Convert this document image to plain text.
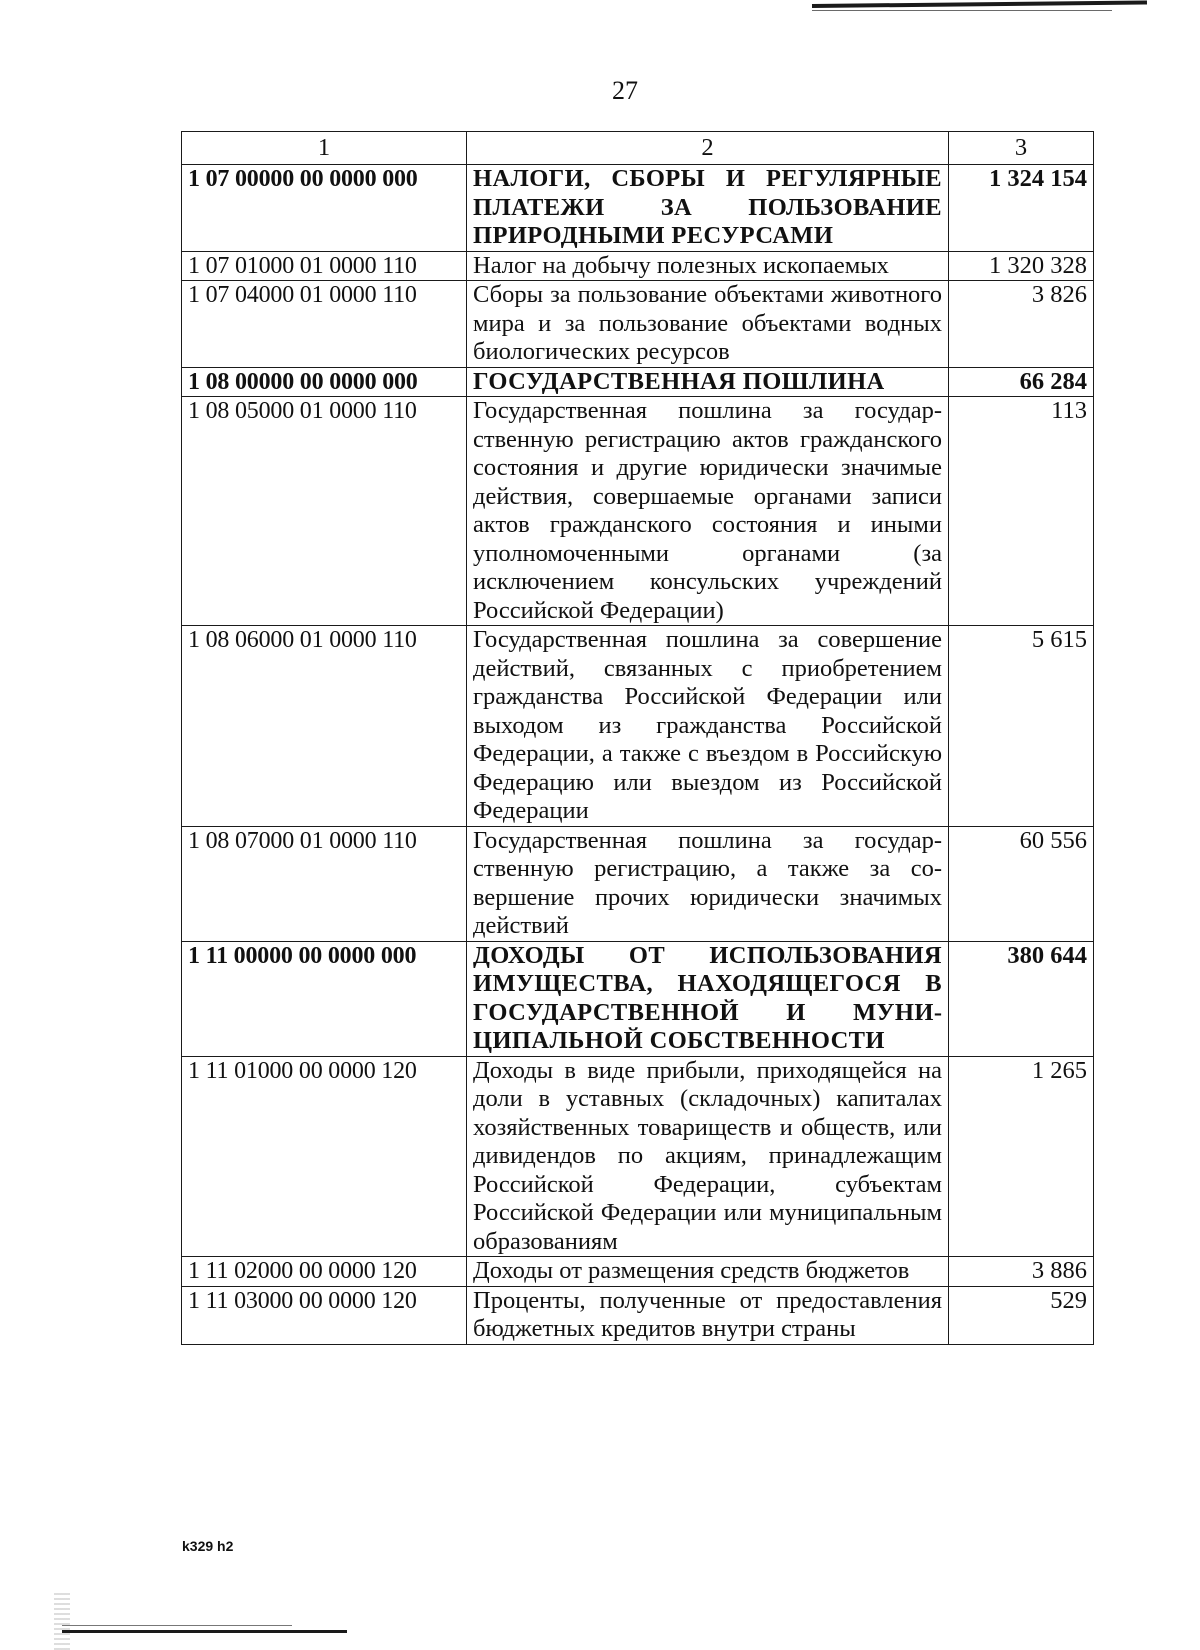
27
1	2	3
1 07 00000 00 0000 000	НАЛОГИ, СБОРЫ И РЕГУЛЯРНЫЕ ПЛАТЕЖИ ЗА ПОЛЬЗОВАНИЕ ПРИРОДНЫМИ РЕСУРСАМИ	1 324 154
1 07 01000 01 0000 110	Налог на добычу полезных ископаемых	1 320 328
1 07 04000 01 0000 110	Сборы за пользование объектами животного мира и за пользование объектами водных биологических ресурсов	3 826
1 08 00000 00 0000 000	ГОСУДАРСТВЕННАЯ ПОШЛИНА	66 284
1 08 05000 01 0000 110	Государственная пошлина за государственную регистрацию актов гражданского состояния и другие юридически значимые действия, совершаемые органами записи актов гражданского состояния и иными уполномоченными органами (за исключением консульских учреждений Российской Федерации)	113
1 08 06000 01 0000 110	Государственная пошлина за совершение действий, связанных с приобретением гражданства Российской Федерации или выходом из гражданства Российской Федерации, а также с въездом в Российскую Федерацию или выездом из Российской Федерации	5 615
1 08 07000 01 0000 110	Государственная пошлина за государственную регистрацию, а также за совершение прочих юридически значимых действий	60 556
1 11 00000 00 0000 000	ДОХОДЫ ОТ ИСПОЛЬЗОВАНИЯ ИМУЩЕСТВА, НАХОДЯЩЕГОСЯ В ГОСУДАРСТВЕННОЙ И МУНИЦИПАЛЬНОЙ СОБСТВЕННОСТИ	380 644
1 11 01000 00 0000 120	Доходы в виде прибыли, приходящейся на доли в уставных (складочных) капиталах хозяйственных товариществ и обществ, или дивидендов по акциям, принадлежащим Российской Федерации, субъектам Российской Федерации или муниципальным образованиям	1 265
1 11 02000 00 0000 120	Доходы от размещения средств бюджетов	3 886
1 11 03000 00 0000 120	Проценты, полученные от предоставления бюджетных кредитов внутри страны	529
k329 h2
